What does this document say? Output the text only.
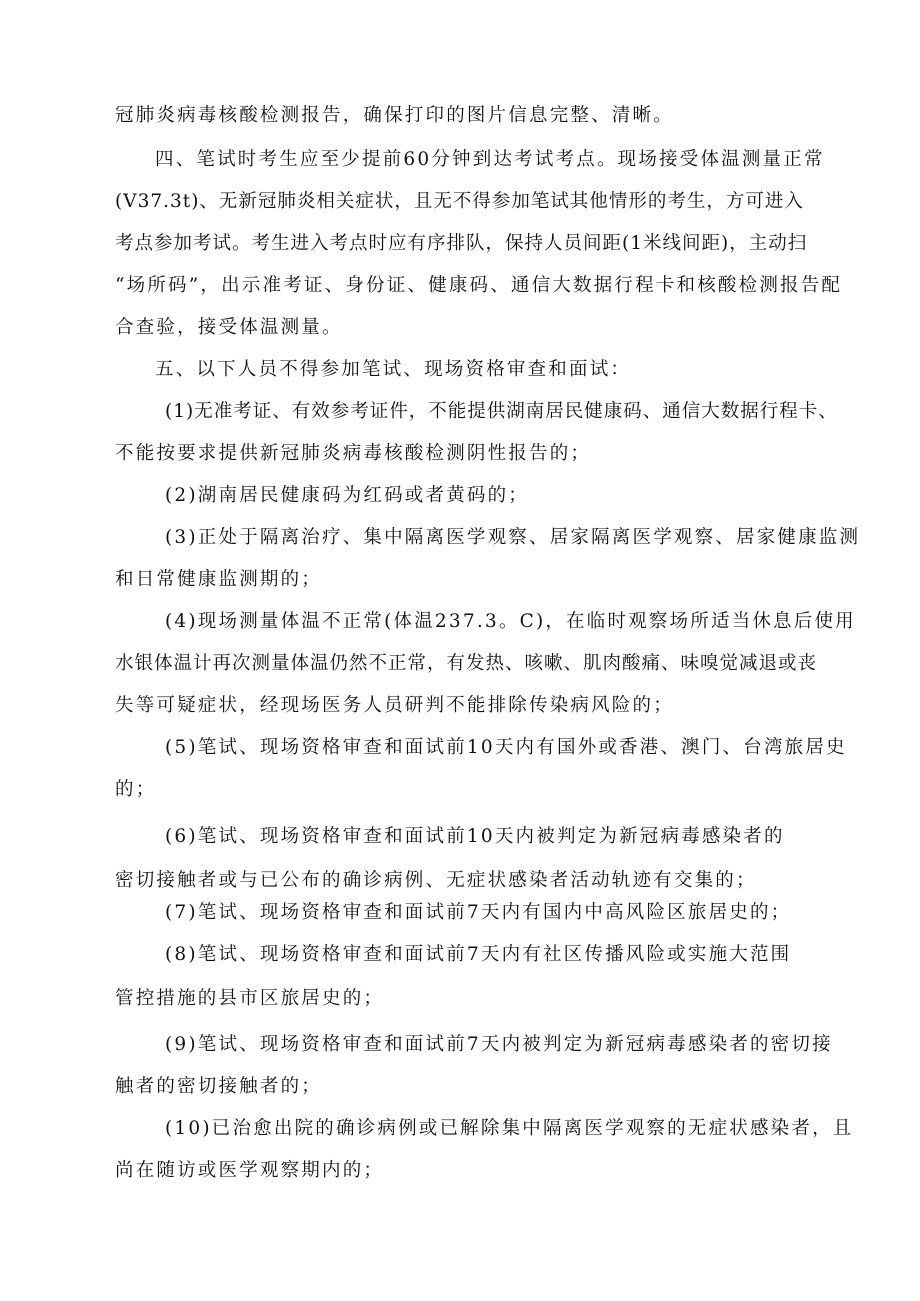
冠肺炎病毒核酸检测报告，确保打印的图片信息完整、清晰。
四、笔试时考生应至少提前60分钟到达考试考点。现场接受体温测量正常
(V37.3t)、无新冠肺炎相关症状，且无不得参加笔试其他情形的考生，方可进入
考点参加考试。考生进入考点时应有序排队，保持人员间距(1米线间距)，主动扫
“场所码”，出示准考证、身份证、健康码、通信大数据行程卡和核酸检测报告配
合查验，接受体温测量。
五、以下人员不得参加笔试、现场资格审查和面试：
(1)无准考证、有效参考证件，不能提供湖南居民健康码、通信大数据行程卡、
不能按要求提供新冠肺炎病毒核酸检测阴性报告的；
(2)湖南居民健康码为红码或者黄码的；
(3)正处于隔离治疗、集中隔离医学观察、居家隔离医学观察、居家健康监测
和日常健康监测期的；
(4)现场测量体温不正常(体温237.3。C)，在临时观察场所适当休息后使用
水银体温计再次测量体温仍然不正常，有发热、咳嗽、肌肉酸痛、味嗅觉减退或丧
失等可疑症状，经现场医务人员研判不能排除传染病风险的；
(5)笔试、现场资格审查和面试前10天内有国外或香港、澳门、台湾旅居史
的；
(6)笔试、现场资格审查和面试前10天内被判定为新冠病毒感染者的
密切接触者或与已公布的确诊病例、无症状感染者活动轨迹有交集的；
(7)笔试、现场资格审查和面试前7天内有国内中高风险区旅居史的；
(8)笔试、现场资格审查和面试前7天内有社区传播风险或实施大范围
管控措施的县市区旅居史的；
(9)笔试、现场资格审查和面试前7天内被判定为新冠病毒感染者的密切接
触者的密切接触者的；
(10)已治愈出院的确诊病例或已解除集中隔离医学观察的无症状感染者，且
尚在随访或医学观察期内的；
